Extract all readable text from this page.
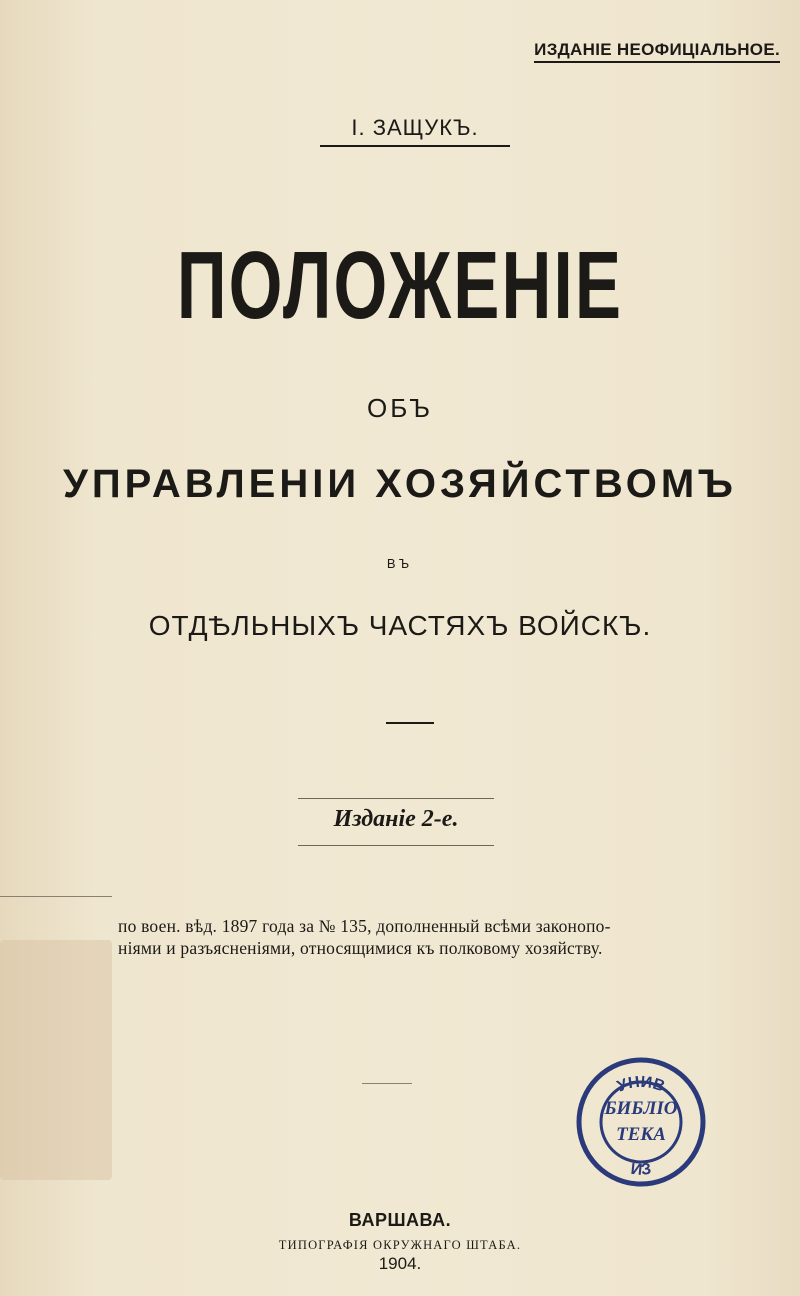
ИЗДАНІЕ НЕОФИЦІАЛЬНОЕ.
І. ЗАЩУКЪ.
ПОЛОЖЕНІЕ
ОБЪ
УПРАВЛЕНІИ ХОЗЯЙСТВОМЪ
ВЪ
ОТДѢЛЬНЫХЪ ЧАСТЯХЪ ВОЙСКЪ.
Изданіе 2-е.
по воен. вѣд. 1897 года за № 135, дополненный всѣми законопо-
ніями и разъясненіями, относящимися къ полковому хозяйству.
УНИВ
ИЗ
БИБЛІО
ТЕКА
ВАРШАВА.
ТИПОГРАФІЯ ОКРУЖНАГО ШТАБА.
1904.
